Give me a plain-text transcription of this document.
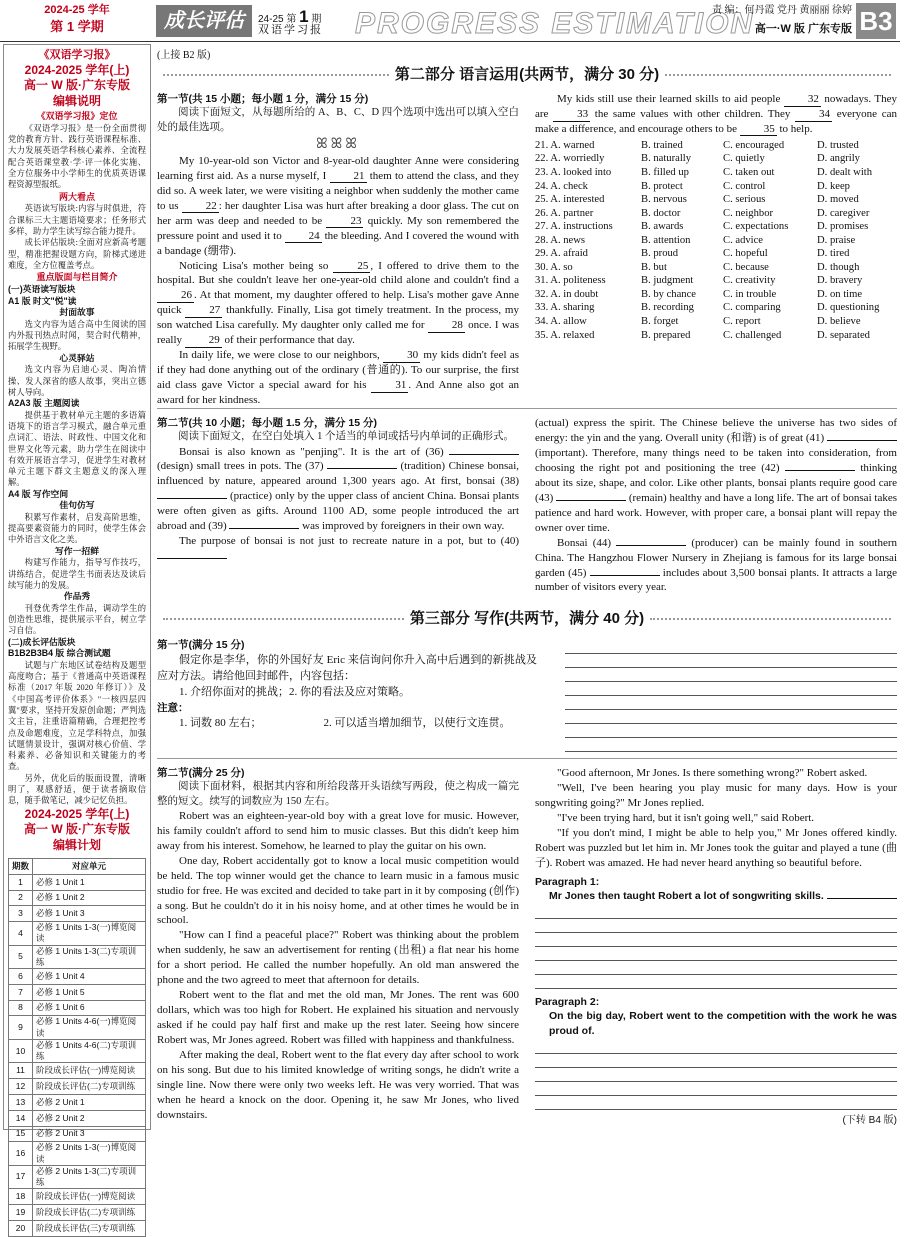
2024-25 学年
第 1 学期	成长评估	24-25 第 1 期
双语学习报 PROGRESS ESTIMATION
责 编：何丹霞 党丹 黄丽丽 徐婷
高一·W 版 广东专版 B3
《双语学习报》
2024-2025 学年(上)
高一 W 版·广东专版
编辑说明
《双语学习报》定位

《双语学习报》是一份全面贯彻党的教育方针、践行英语课程标准、大力发展英语学科核心素养、全流程配合英语课堂教·学·评一体化实施、全方位服务中小学师生的优质英语课程资源型报纸。

两大看点

英语读写版块:内容与时俱进，符合课标三大主题语境要求；任务形式多样，助力学生读写综合能力提升。

成长评估版块:全面对应新高考题型，精准把握设题方向，阶梯式递进难度，全方位覆盖考点。

重点版面与栏目简介
(一)英语读写版块
A1 版 时文"悦"读
封面故事

选文内容为适合高中生阅读的国内外报刊热点时闻，契合时代精神，拓展学生视野。

心灵驿站

选文内容为启迪心灵、陶冶情操、发人深省的感人故事，突出立德树人导向。

A2A3 版 主题阅读

提供基于教材单元主题的多语篇语境下的语言学习模式，融合单元重点词汇、语法、时政性、中国文化和世界文化等元素，助力学生在阅读中有效开展语言学习，促进学生对教材单元主题下群文主题意义的深入理解。

A4 版 写作空间
佳句仿写

积累写作素材，启发高阶思维，提高要素资能力的同时，使学生体会中外语言文化之美。

写作一招鲜

构建写作能力，指导写作技巧，讲练结合，促进学生书面表达及读后续写能力的发展。

作品秀

刊登优秀学生作品，调动学生的创造性思维，提供展示平台，树立学习自信。

(二)成长评估版块
B1B2B3B4 版 综合测试题

试题与广东地区试卷结构及题型高度吻合；基于《普通高中英语课程标准（2017 年版 2020 年修订）》及《中国高考评价体系》"一核四层四翼"要求，坚持开发原创命题；严判选文主旨，注重语篇精确，合理把控考点及命题难度，立足学科特点，加强试题情景设计，强调对核心价值、学科素养、必备知识和关键能力的考查。

另外，优化后的版面设置，清晰明了，观感舒适，便于读者摘取信息，随手做笔记，减少记忆负担。

2024-2025 学年(上)
高一 W 版·广东专版
编辑计划
期数	对应单元
1	必修 1 Unit 1
2	必修 1 Unit 2
3	必修 1 Unit 3
4	必修 1 Units 1-3(一)博览阅读
5	必修 1 Units 1-3(二)专项训练
6	必修 1 Unit 4
7	必修 1 Unit 5
8	必修 1 Unit 6
9	必修 1 Units 4-6(一)博览阅读
10	必修 1 Units 4-6(二)专项训练
11	阶段成长评估(一)博览阅读
12	阶段成长评估(二)专项训练
13	必修 2 Unit 1
14	必修 2 Unit 2
15	必修 2 Unit 3
16	必修 2 Units 1-3(一)博览阅读
17	必修 2 Units 1-3(二)专项训练
18	阶段成长评估(一)博览阅读
19	阶段成长评估(二)专项训练
20	阶段成长评估(三)专项训练
(上接 B2 版)
第二部分 语言运用(共两节，满分 30 分)
第一节(共 15 小题；每小题 1 分，满分 15 分)
阅读下面短文，从每题所给的 A、B、C、D 四个选项中选出可以填入空白处的最佳选项。
ꕤꕤꕤ
My 10-year-old son Victor and 8-year-old daughter Anne were considering learning first aid. As a nurse myself, I 21 them to attend the class, and they did so. A week later, we were visiting a neighbor when suddenly the mother came to us 22 : her daughter Lisa was hurt after breaking a door glass. The cut on her arm was deep and needed to be 23 quickly. My son remembered the pressure point and used it to 24 the bleeding. And I covered the wound with a bandage (绷带).
Noticing Lisa's mother being so 25 , I offered to drive them to the hospital. But she couldn't leave her one-year-old child alone and couldn't find a 26 . At that moment, my daughter offered to help. Lisa's mother gave Anne quick 27 thankfully. Finally, Lisa got timely treatment. In the process, my son watched Lisa carefully. My daughter only called me for 28 once. I was really 29 of their performance that day.
In daily life, we were close to our neighbors, 30 my kids didn't feel as if they had done anything out of the ordinary (普通的). To our surprise, the first aid class gave Victor a special award for his 31 . And Anne also got an award for her kindness.
My kids still use their learned skills to aid people 32 nowadays. They are 33 the same values with other children. They 34 everyone can make a difference, and encourage others to be 35 to help.
21. A. warned	B. trained	C. encouraged	D. trusted
22. A. worriedly	B. naturally	C. quietly	D. angrily
23. A. looked into	B. filled up	C. taken out	D. dealt with
24. A. check	B. protect	C. control	D. keep
25. A. interested	B. nervous	C. serious	D. moved
26. A. partner	B. doctor	C. neighbor	D. caregiver
27. A. instructions	B. awards	C. expectations	D. promises
28. A. news	B. attention	C. advice	D. praise
29. A. afraid	B. proud	C. hopeful	D. tired
30. A. so	B. but	C. because	D. though
31. A. politeness	B. judgment	C. creativity	D. bravery
32. A. in doubt	B. by chance	C. in trouble	D. on time
33. A. sharing	B. recording	C. comparing	D. questioning
34. A. allow	B. forget	C. report	D. believe
35. A. relaxed	B. prepared	C. challenged	D. separated
第二节(共 10 小题；每小题 1.5 分，满分 15 分)
阅读下面短文，在空白处填入 1 个适当的单词或括号内单词的正确形式。
Bonsai is also known as "penjing". It is the art of (36)  (design) small trees in pots. The (37)	(tradition) Chinese bonsai, influenced by nature, appeared around 1,300 years ago. At first, bonsai (38)  (practice) only by the upper class of ancient China. Bonsai plants were often given as gifts. Around 1100 AD, some people introduced the art abroad and (39)	was improved by foreigners in their own way.
The purpose of bonsai is not just to recreate nature in a pot, but to (40)
(actual) express the spirit. The Chinese believe the universe has two sides of energy: the yin and the yang. Overall unity (和谐) is of great (41)  (important). Therefore, many things need to be taken into consideration, from choosing the right pot and positioning the tree (42)	thinking about its size, shape, and color. Like other plants, bonsai plants require good care (43)	(remain) healthy and have a long life. The art of bonsai takes patience and hard work. However, with proper care, a bonsai plant will repay the owner over time.
Bonsai (44)	(producer) can be mainly found in southern China. The Hangzhou Flower Nursery in Zhejiang is famous for its large bonsai garden (45)	includes about 3,500 bonsai plants. It attracts a large number of visitors every year.
第三部分 写作(共两节，满分 40 分)
第一节(满分 15 分)
假定你是李华，你的外国好友 Eric 来信询问你升入高中后遇到的新挑战及应对方法。请给他回封邮件，内容包括：
1. 介绍你面对的挑战；2. 你的看法及应对策略。
注意：
1. 词数 80 左右；	2. 可以适当增加细节，以使行文连贯。
第二节(满分 25 分)
阅读下面材料，根据其内容和所给段落开头语续写两段，使之构成一篇完整的短文。续写的词数应为 150 左右。
Robert was an eighteen-year-old boy with a great love for music. However, his family couldn't afford to send him to music classes. But this didn't keep him away from his interest. Somehow, he learned to play the guitar on his own.
One day, Robert accidentally got to know a local music competition would be held. The top winner would get the chance to learn music in a famous music studio for free. He was excited and decided to take part in it by composing (创作) a song. But he couldn't do it in his noisy home, and at other times he would be in school.
"How can I find a peaceful place?" Robert was thinking about the problem when suddenly, he saw an advertisement for renting (出租) a flat near his home for a short period. He called the number hopefully. An old man answered the phone and the two agreed to meet that afternoon for details.
Robert went to the flat and met the old man, Mr Jones. The rent was 600 dollars, which was too high for Robert. He explained his situation and nervously asked if he could pay half first and make up the rest later. Seeing how sincere Robert was, Mr Jones agreed. Robert was filled with happiness and thankfulness.
After making the deal, Robert went to the flat every day after school to work on his song. But due to his limited knowledge of writing songs, he didn't write a single line. Now there were only two weeks left. He was very worried. That was when he heard a knock on the door. Opening it, he saw Mr Jones, who lived downstairs.
"Good afternoon, Mr Jones. Is there something wrong?" Robert asked.
"Well, I've been hearing you play music for many days. How is your songwriting going?" Mr Jones replied.
"I've been trying hard, but it isn't going well," said Robert.
"If you don't mind, I might be able to help you," Mr Jones offered kindly. Robert was puzzled but let him in. Mr Jones took the guitar and played a tune (曲子). Robert was amazed. He had never heard anything so beautiful before.
Paragraph 1:
Mr Jones then taught Robert a lot of songwriting skills.
Paragraph 2:
On the big day, Robert went to the competition with the work he was proud of.
(下转 B4 版)
